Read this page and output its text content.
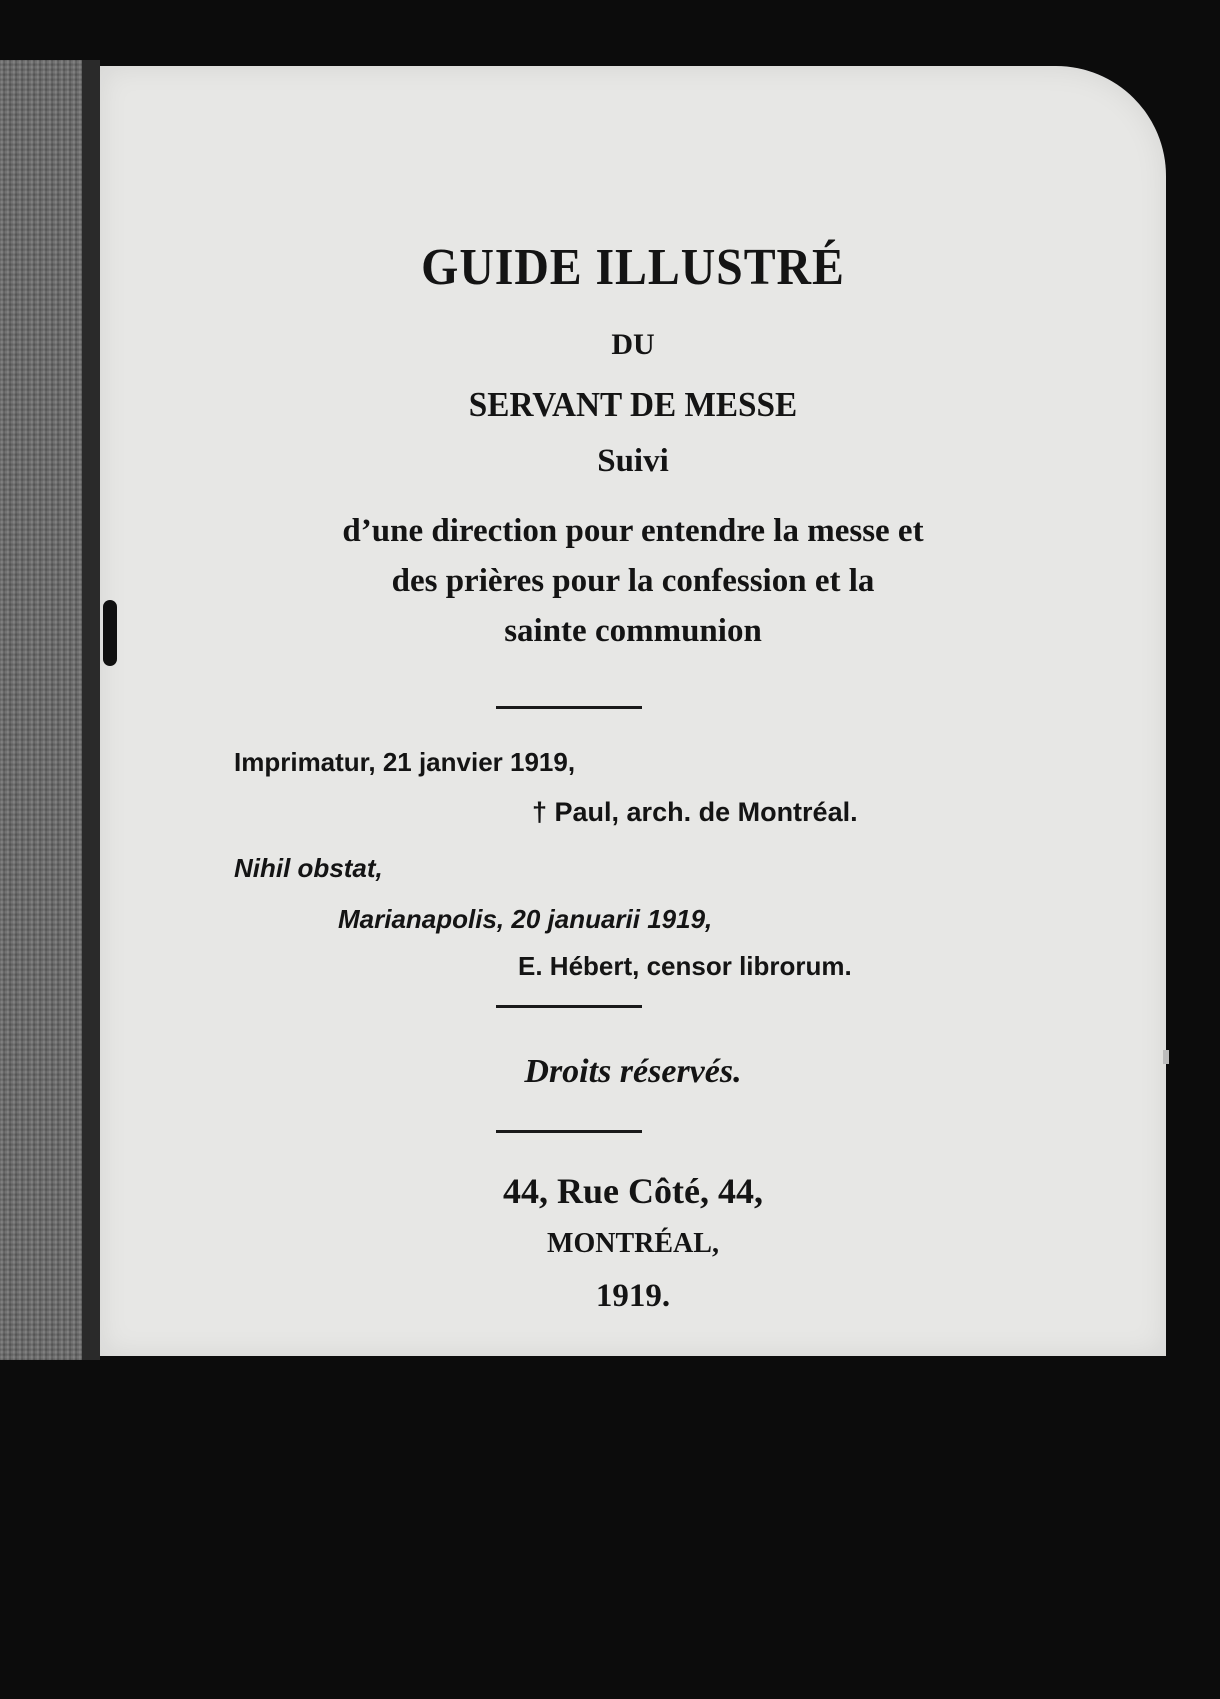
GUIDE ILLUSTRÉ
DU
SERVANT DE MESSE
Suivi
d’une direction pour entendre la messe et
des prières pour la confession et la
sainte communion
Imprimatur, 21 janvier 1919,
† Paul, arch. de Montréal.
Nihil obstat,
Marianapolis, 20 januarii 1919,
E. Hébert, censor librorum.
Droits réservés.
44, Rue Côté, 44,
MONTRÉAL,
1919.
